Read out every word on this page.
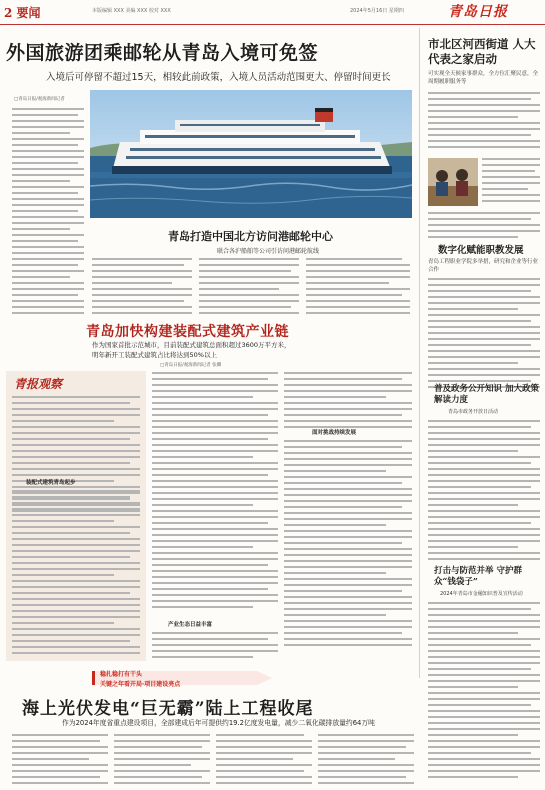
2 要闻	本版编辑 XXX 美编 XXX 校对 XXX	2024年5月16日 星期四	青岛日报
外国旅游团乘邮轮从青岛入境可免签
入境后可停留不超过15天，相较此前政策，入境人员活动范围更大、停留时间更长
□青岛日报/观海新闻记者
青岛打造中国北方访问港邮轮中心
联合各沪船舶等公司引访问港邮轮航线
市北区河西街道 人大代表之家启动
可实现全天候家事群众，全方位汇聚民意，全周期履职服务等
数字化赋能职教发展
青岛工程职业学院多举措，研究和企业等行业合作
普及政务公开知识 加大政策解读力度
青岛市政务开放日活动
打击与防范并举 守护群众“钱袋子”
2024年青岛市金融知识普及宣传活动
青岛加快构建装配式建筑产业链
作为国家首批示范城市，目前装配式建筑总面积超过3600万平方米，
明年新开工装配式建筑占比将达到50%以上
□青岛日报/观海新闻记者 张卿
青报观察
装配式建筑青岛起步
产业生态日益丰富
面对挑战持续发展
稳扎稳打有干头
关键之年看开局·项目建设亮点
海上光伏发电“巨无霸”陆上工程收尾
作为2024年度省重点建设项目，全部建成后年可提供约19.2亿度发电量，减少二氧化碳排放量约64万吨
